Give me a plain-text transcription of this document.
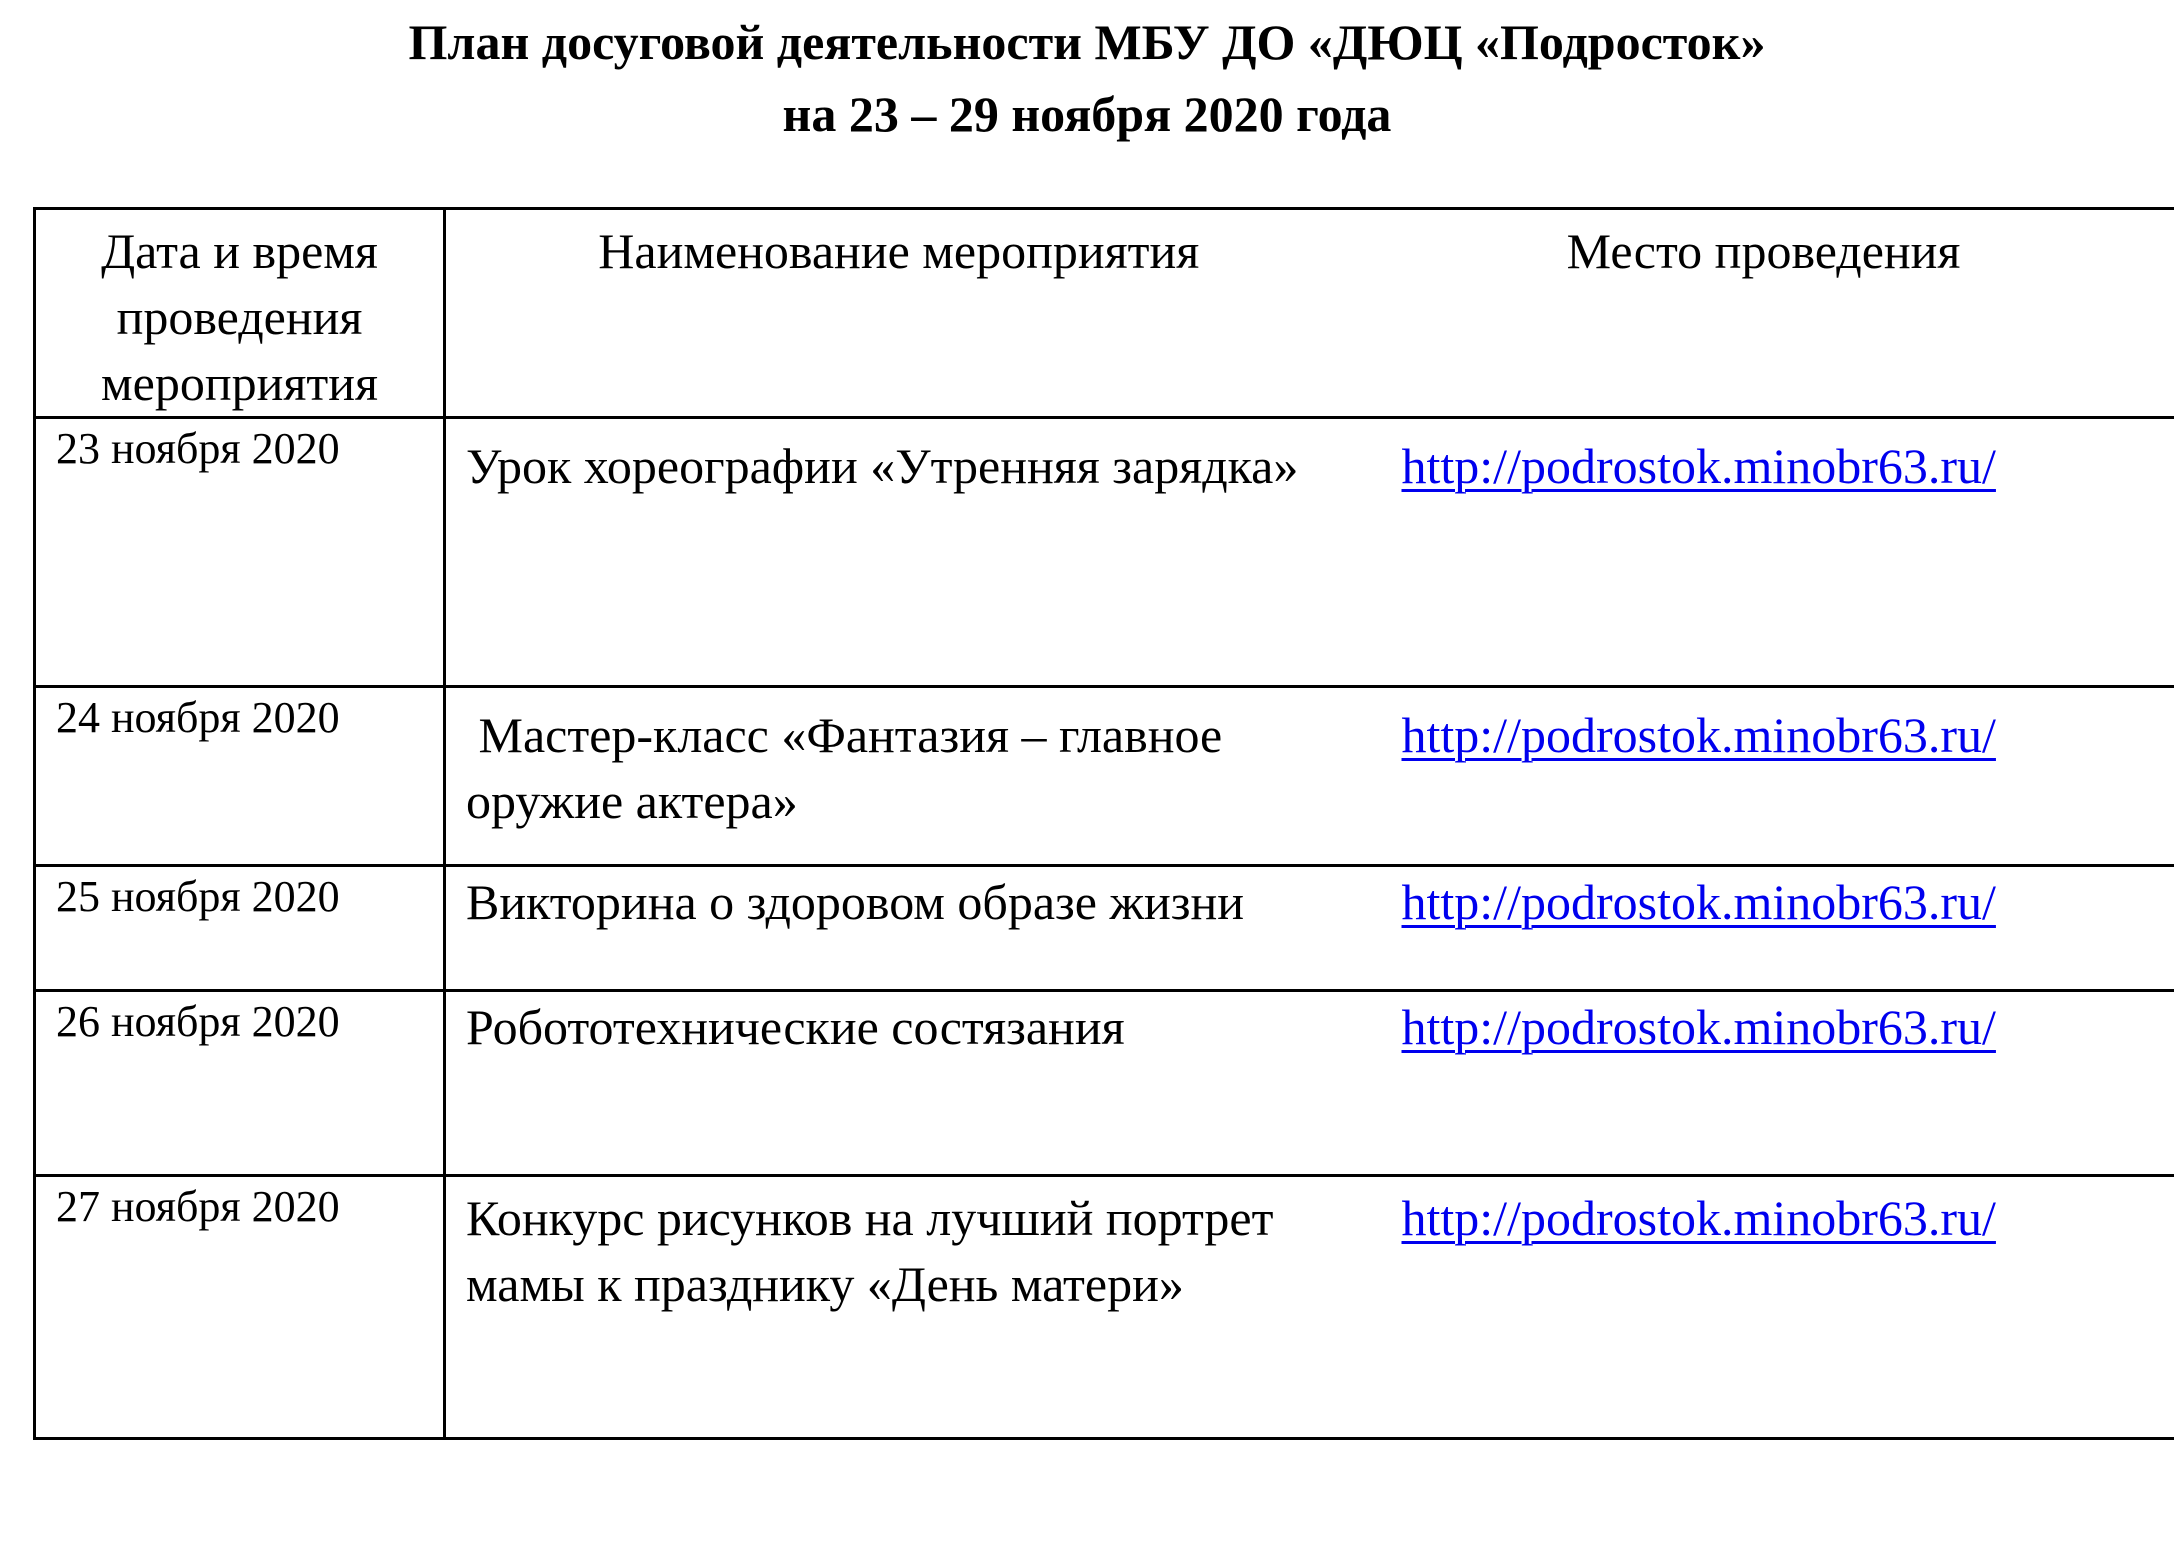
План досуговой деятельности МБУ ДО «ДЮЦ «Подросток»
на 23 – 29 ноября 2020 года
Дата и время
проведения
мероприятия	Наименование мероприятия	Место проведения
23 ноября 2020	Урок хореографии «Утренняя зарядка»	http://podrostok.minobr63.ru/
24 ноября 2020	Мастер-класс «Фантазия – главное оружие актера»	http://podrostok.minobr63.ru/
25 ноября 2020	Викторина о здоровом образе жизни	http://podrostok.minobr63.ru/
26 ноября 2020	Робототехнические состязания	http://podrostok.minobr63.ru/
27 ноября 2020	Конкурс рисунков на лучший портрет мамы к празднику «День матери»	http://podrostok.minobr63.ru/
